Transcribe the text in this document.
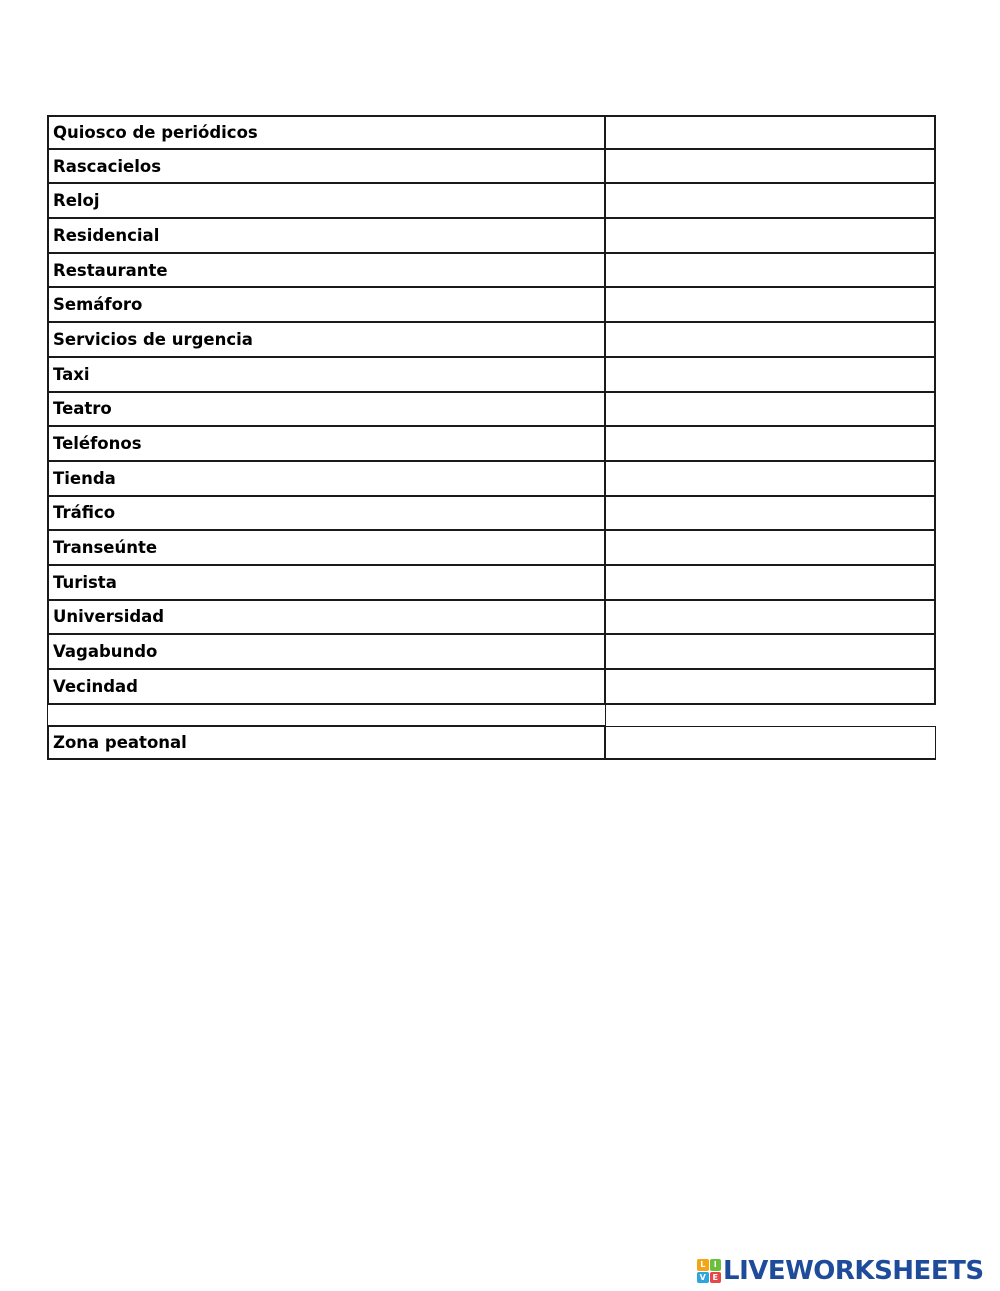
Quiosco de periódicos
Rascacielos
Reloj
Residencial
Restaurante
Semáforo
Servicios de urgencia
Taxi
Teatro
Teléfonos
Tienda
Tráfico
Transeúnte
Turista
Universidad
Vagabundo
Vecindad
Zona peatonal
L	I
V E LIVEWORKSHEETS
